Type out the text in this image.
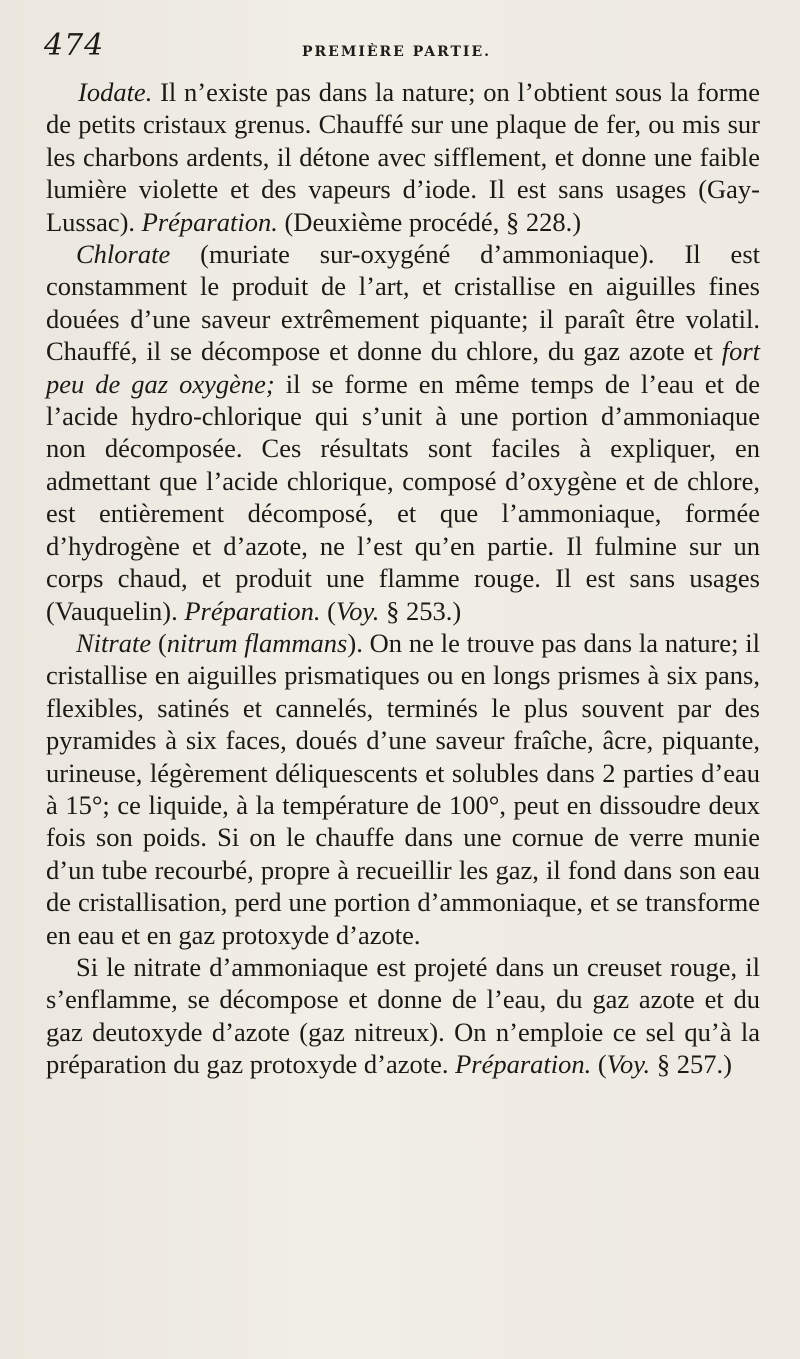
474	PREMIÈRE PARTIE.

Iodate. Il n’existe pas dans la nature; on l’obtient sous la forme de petits cristaux grenus. Chauffé sur une plaque de fer, ou mis sur les charbons ardents, il détone avec sifflement, et donne une faible lumière violette et des vapeurs d’iode. Il est sans usages (Gay-Lussac). Préparation. (Deuxième procédé, § 228.)

Chlorate (muriate sur-oxygéné d’ammoniaque). Il est constamment le produit de l’art, et cristallise en aiguilles fines douées d’une saveur extrêmement piquante; il paraît être volatil. Chauffé, il se décompose et donne du chlore, du gaz azote et fort peu de gaz oxygène; il se forme en même temps de l’eau et de l’acide hydro-chlorique qui s’unit à une portion d’ammoniaque non décomposée. Ces résultats sont faciles à expliquer, en admettant que l’acide chlorique, composé d’oxygène et de chlore, est entièrement décomposé, et que l’ammoniaque, formée d’hydrogène et d’azote, ne l’est qu’en partie. Il fulmine sur un corps chaud, et produit une flamme rouge. Il est sans usages (Vauquelin). Préparation. (Voy. § 253.)

Nitrate (nitrum flammans). On ne le trouve pas dans la nature; il cristallise en aiguilles prismatiques ou en longs prismes à six pans, flexibles, satinés et cannelés, terminés le plus souvent par des pyramides à six faces, doués d’une saveur fraîche, âcre, piquante, urineuse, légèrement déliquescents et solubles dans 2 parties d’eau à 15°; ce liquide, à la température de 100°, peut en dissoudre deux fois son poids. Si on le chauffe dans une cornue de verre munie d’un tube recourbé, propre à recueillir les gaz, il fond dans son eau de cristallisation, perd une portion d’ammoniaque, et se transforme en eau et en gaz protoxyde d’azote.

Si le nitrate d’ammoniaque est projeté dans un creuset rouge, il s’enflamme, se décompose et donne de l’eau, du gaz azote et du gaz deutoxyde d’azote (gaz nitreux). On n’emploie ce sel qu’à la préparation du gaz protoxyde d’azote. Préparation. (Voy. § 257.)
